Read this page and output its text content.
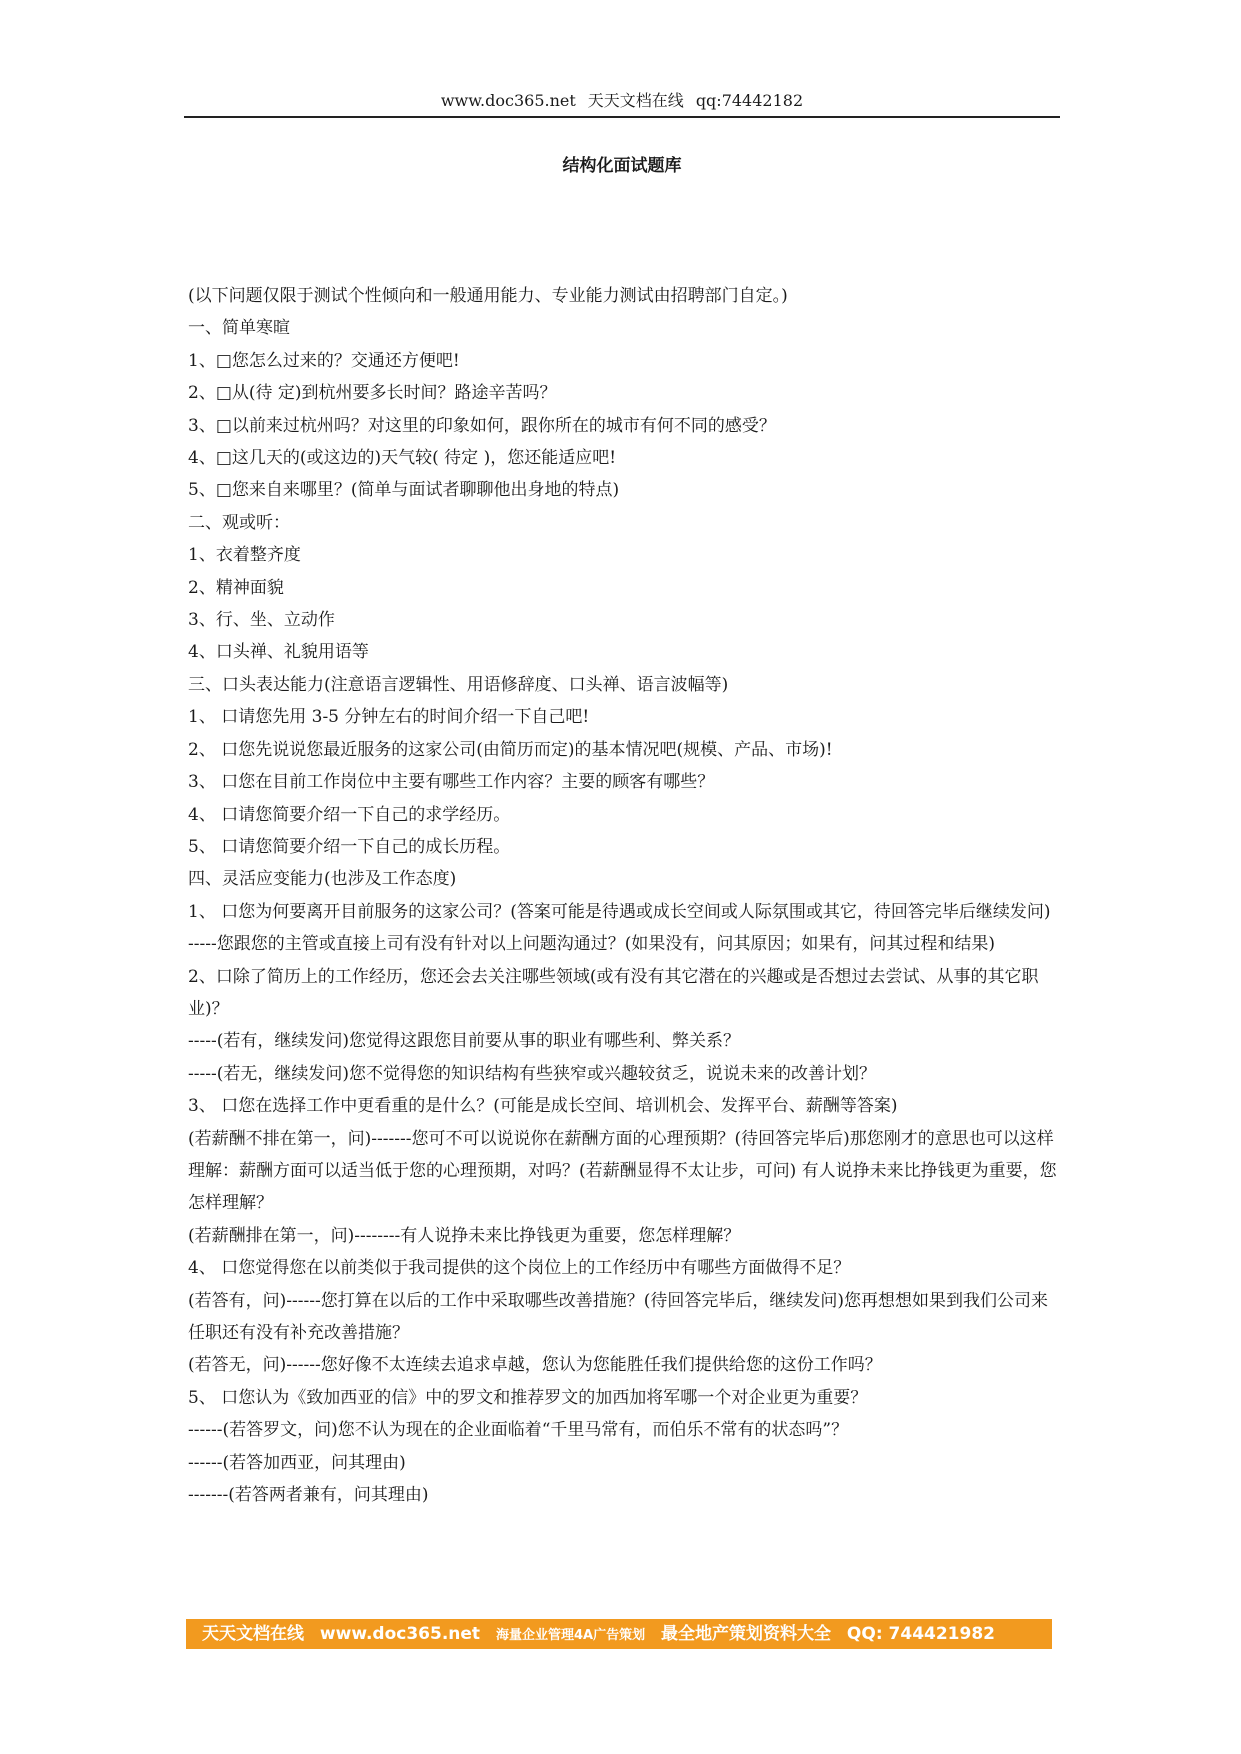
www.doc365.net 天天文档在线 qq:74442182
结构化面试题库

(以下问题仅限于测试个性倾向和一般通用能力、专业能力测试由招聘部门自定。)

一、简单寒暄

1、□您怎么过来的？交通还方便吧!

2、□从(待 定)到杭州要多长时间？路途辛苦吗？

3、□以前来过杭州吗？对这里的印象如何，跟你所在的城市有何不同的感受？

4、□这几天的(或这边的)天气较( 待定 )，您还能适应吧!

5、□您来自来哪里？(简单与面试者聊聊他出身地的特点)

二、观或听：

1、衣着整齐度

2、精神面貌

3、行、坐、立动作

4、口头禅、礼貌用语等

三、口头表达能力(注意语言逻辑性、用语修辞度、口头禅、语言波幅等)

1、 口请您先用 3-5 分钟左右的时间介绍一下自己吧!

2、 口您先说说您最近服务的这家公司(由简历而定)的基本情况吧(规模、产品、市场)!

3、 口您在目前工作岗位中主要有哪些工作内容？主要的顾客有哪些？

4、 口请您简要介绍一下自己的求学经历。

5、 口请您简要介绍一下自己的成长历程。

四、灵活应变能力(也涉及工作态度)

1、 口您为何要离开目前服务的这家公司？(答案可能是待遇或成长空间或人际氛围或其它，待回答完毕后继续发问)

-----您跟您的主管或直接上司有没有针对以上问题沟通过？(如果没有，问其原因；如果有，问其过程和结果)

2、口除了简历上的工作经历，您还会去关注哪些领域(或有没有其它潜在的兴趣或是否想过去尝试、从事的其它职业)？

-----(若有，继续发问)您觉得这跟您目前要从事的职业有哪些利、弊关系？

-----(若无，继续发问)您不觉得您的知识结构有些狭窄或兴趣较贫乏，说说未来的改善计划？

3、 口您在选择工作中更看重的是什么？(可能是成长空间、培训机会、发挥平台、薪酬等答案)

(若薪酬不排在第一，问)-------您可不可以说说你在薪酬方面的心理预期？(待回答完毕后)那您刚才的意思也可以这样理解：薪酬方面可以适当低于您的心理预期，对吗？(若薪酬显得不太让步，可问) 有人说挣未来比挣钱更为重要，您怎样理解？

(若薪酬排在第一，问)--------有人说挣未来比挣钱更为重要，您怎样理解？

4、 口您觉得您在以前类似于我司提供的这个岗位上的工作经历中有哪些方面做得不足？

(若答有，问)------您打算在以后的工作中采取哪些改善措施？(待回答完毕后，继续发问)您再想想如果到我们公司来任职还有没有补充改善措施？

(若答无，问)------您好像不太连续去追求卓越，您认为您能胜任我们提供给您的这份工作吗？

5、 口您认为《致加西亚的信》中的罗文和推荐罗文的加西加将军哪一个对企业更为重要？

------(若答罗文，问)您不认为现在的企业面临着“千里马常有，而伯乐不常有的状态吗”？

------(若答加西亚，问其理由)

-------(若答两者兼有，问其理由)

天天文档在线 www.doc365.net 海量企业管理4A广告策划 最全地产策划资料大全 QQ: 744421982
